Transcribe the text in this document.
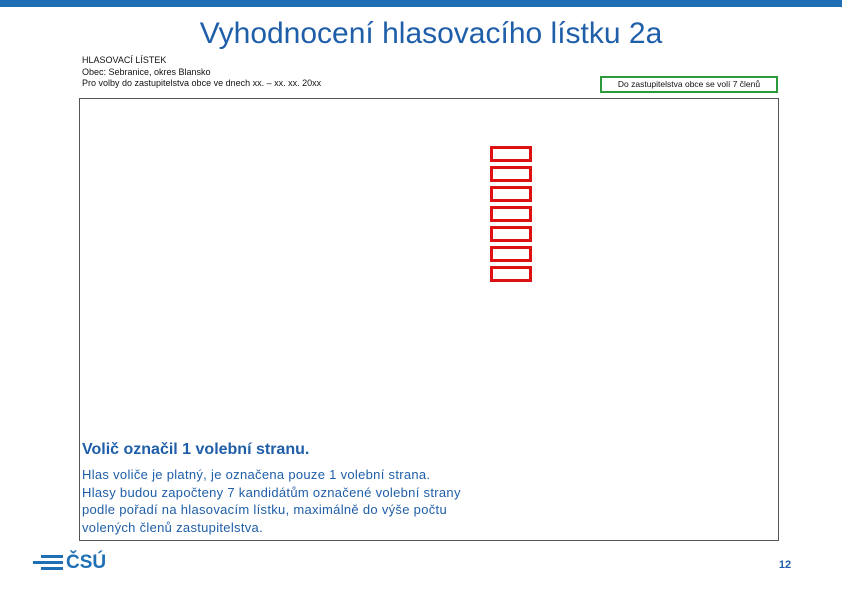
Vyhodnocení hlasovacího lístku 2a
HLASOVACÍ LÍSTEK
Obec: Sebranice, okres Blansko
Pro volby do zastupitelstva obce ve dnech xx. – xx. xx. 20xx	Do zastupitelstva obce se volí 7 členů
Volič označil 1 volební stranu.
Hlas voliče je platný, je označena pouze 1 volební strana.
Hlasy budou započteny 7 kandidátům označené volební strany
podle pořadí na hlasovacím lístku, maximálně do výše počtu
volených členů zastupitelstva.
ČSÚ	12
